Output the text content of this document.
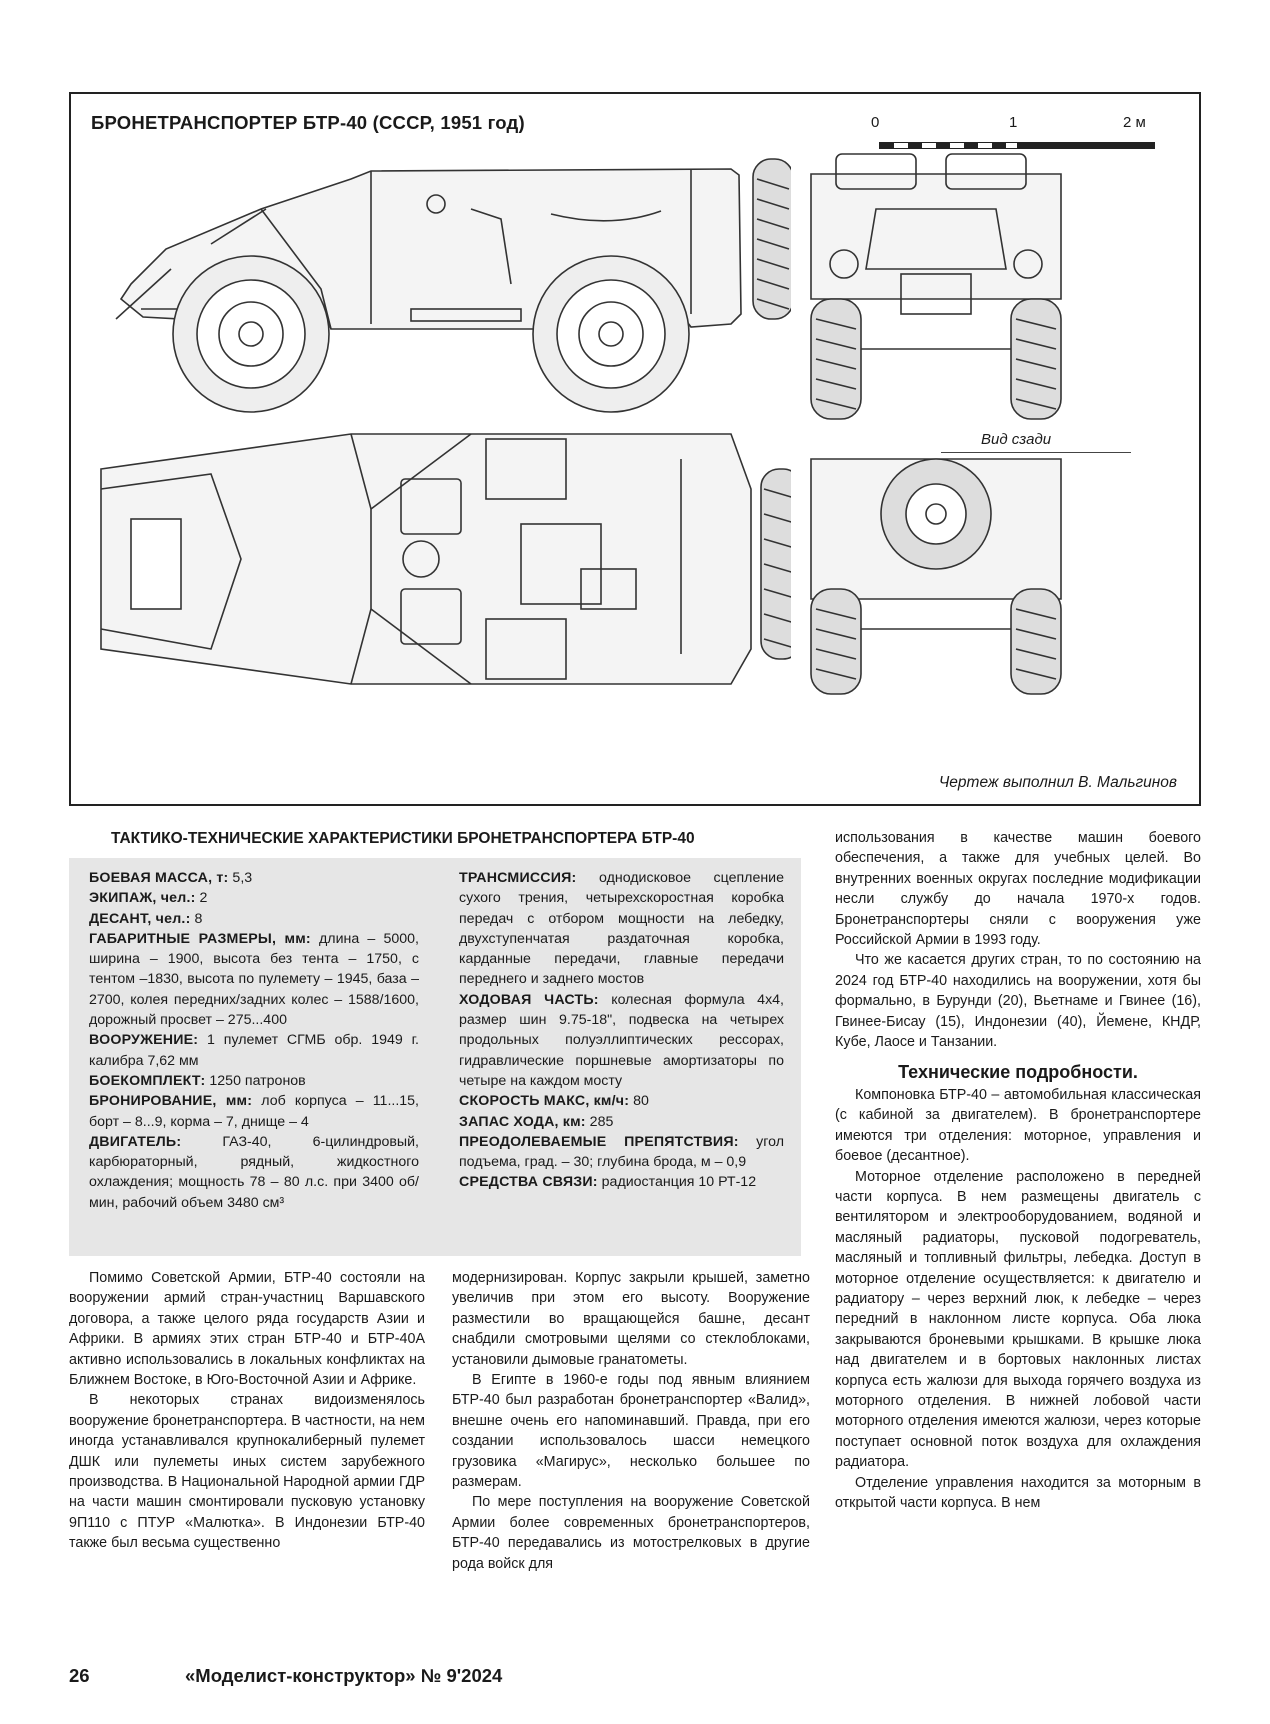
БРОНЕТРАНСПОРТЕР БТР-40 (СССР, 1951 год)	0	1	2 м
Вид сзади
Чертеж выполнил В. Мальгинов
ТАКТИКО-ТЕХНИЧЕСКИЕ ХАРАКТЕРИСТИКИ БРОНЕТРАНСПОРТЕРА БТР-40

БОЕВАЯ МАССА, т: 5,3

ЭКИПАЖ, чел.: 2

ДЕСАНТ, чел.: 8

ГАБАРИТНЫЕ РАЗМЕРЫ, мм: длина – 5000, ширина – 1900, высота без тента – 1750, с тентом –1830, высота по пулемету – 1945, база – 2700, колея передних/задних колес – 1588/1600, дорожный просвет – 275...400

ВООРУЖЕНИЕ: 1 пулемет СГМБ обр. 1949 г. калибра 7,62 мм

БОЕКОМПЛЕКТ: 1250 патронов

БРОНИРОВАНИЕ, мм: лоб корпуса – 11...15, борт – 8...9, корма – 7, днище – 4

ДВИГАТЕЛЬ: ГАЗ-40, 6-цилиндровый, карбюраторный, рядный, жидкостного охлаждения; мощность 78 – 80 л.с. при 3400 об/мин, рабочий объем 3480 см³

ТРАНСМИССИЯ: однодисковое сцепление сухого трения, четырехскоростная коробка передач с отбором мощности на лебедку, двухступенчатая раздаточная коробка, карданные передачи, главные передачи переднего и заднего мостов

ХОДОВАЯ ЧАСТЬ: колесная формула 4х4, размер шин 9.75-18", подвеска на четырех продольных полуэллиптических рессорах, гидравлические поршневые амортизаторы по четыре на каждом мосту

СКОРОСТЬ МАКС, км/ч: 80

ЗАПАС ХОДА, км: 285

ПРЕОДОЛЕВАЕМЫЕ ПРЕПЯТСТВИЯ: угол подъема, град. – 30; глубина брода, м – 0,9

СРЕДСТВА СВЯЗИ: радиостанция 10 РТ-12

использования в качестве машин боевого обеспечения, а также для учебных целей. Во внутренних военных округах последние модификации несли службу до начала 1970-х годов. Бронетранспортеры сняли с вооружения уже Российской Армии в 1993 году.

Что же касается других стран, то по состоянию на 2024 год БТР-40 находились на вооружении, хотя бы формально, в Бурунди (20), Вьетнаме и Гвинее (16), Гвинее-Бисау (15), Индонезии (40), Йемене, КНДР, Кубе, Лаосе и Танзании.

Технические подробности.

Компоновка БТР-40 – автомобильная классическая (с кабиной за двигателем). В бронетранспортере имеются три отделения: моторное, управления и боевое (десантное).

Моторное отделение расположено в передней части корпуса. В нем размещены двигатель с вентилятором и электрооборудованием, водяной и масляный радиаторы, пусковой подогреватель, масляный и топливный фильтры, лебедка. Доступ в моторное отделение осуществляется: к двигателю и радиатору – через верхний люк, к лебедке – через передний в наклонном листе корпуса. Оба люка закрываются броневыми крышками. В крышке люка над двигателем и в бортовых наклонных листах корпуса есть жалюзи для выхода горячего воздуха из моторного отделения. В нижней лобовой части моторного отделения имеются жалюзи, через которые поступает основной поток воздуха для охлаждения радиатора.

Отделение управления находится за моторным в открытой части корпуса. В нем

Помимо Советской Армии, БТР-40 состояли на вооружении армий стран-участниц Варшавского договора, а также целого ряда государств Азии и Африки. В армиях этих стран БТР-40 и БТР-40А активно использовались в локальных конфликтах на Ближнем Востоке, в Юго-Восточной Азии и Африке.

В некоторых странах видоизменялось вооружение бронетранспортера. В частности, на нем иногда устанавливался крупнокалиберный пулемет ДШК или пулеметы иных систем зарубежного производства. В Национальной Народной армии ГДР на части машин смонтировали пусковую установку 9П110 с ПТУР «Малютка». В Индонезии БТР-40 также был весьма существенно

модернизирован. Корпус закрыли крышей, заметно увеличив при этом его высоту. Вооружение разместили во вращающейся башне, десант снабдили смотровыми щелями со стеклоблоками, установили дымовые гранатометы.

В Египте в 1960-е годы под явным влиянием БТР-40 был разработан бронетранспортер «Валид», внешне очень его напоминавший. Правда, при его создании использовалось шасси немецкого грузовика «Магирус», несколько большее по размерам.

По мере поступления на вооружение Советской Армии более современных бронетранспортеров, БТР-40 передавались из мотострелковых в другие рода войск для

26	«Моделист-конструктор» № 9'2024
